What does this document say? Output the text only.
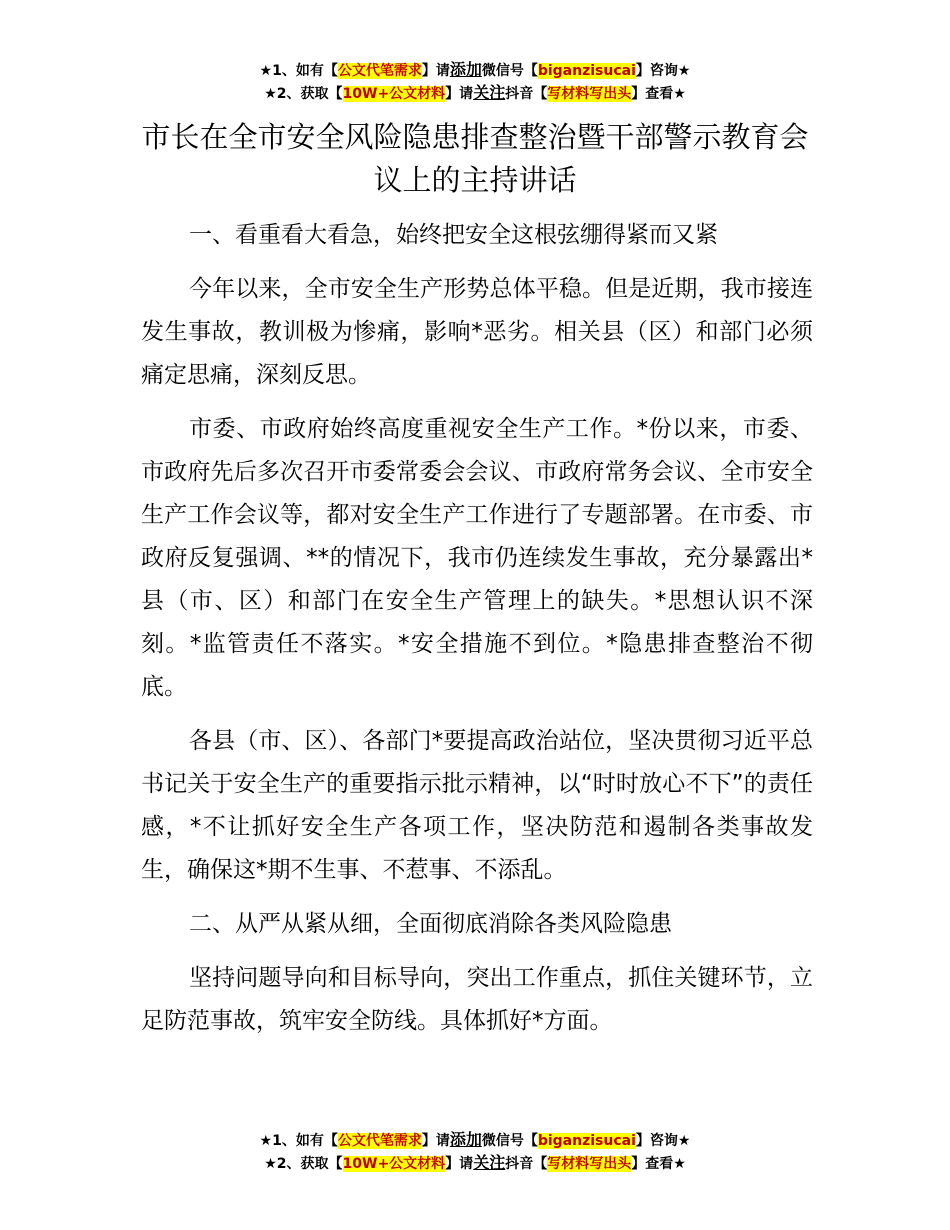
★1、如有【公文代笔需求】请添加微信号【biganzisucai】咨询★
★2、获取【10W+公文材料】请关注抖音【写材料写出头】查看★
市长在全市安全风险隐患排查整治暨干部警示教育会议上的主持讲话

一、看重看大看急，始终把安全这根弦绷得紧而又紧

今年以来，全市安全生产形势总体平稳。但是近期，我市接连发生事故，教训极为惨痛，影响*恶劣。相关县（区）和部门必须痛定思痛，深刻反思。

市委、市政府始终高度重视安全生产工作。*份以来，市委、市政府先后多次召开市委常委会会议、市政府常务会议、全市安全生产工作会议等，都对安全生产工作进行了专题部署。在市委、市政府反复强调、**的情况下，我市仍连续发生事故，充分暴露出*县（市、区）和部门在安全生产管理上的缺失。*思想认识不深刻。*监管责任不落实。*安全措施不到位。*隐患排查整治不彻底。

各县（市、区）、各部门*要提高政治站位，坚决贯彻习近平总书记关于安全生产的重要指示批示精神，以“时时放心不下”的责任感，*不让抓好安全生产各项工作，坚决防范和遏制各类事故发生，确保这*期不生事、不惹事、不添乱。

二、从严从紧从细，全面彻底消除各类风险隐患

坚持问题导向和目标导向，突出工作重点，抓住关键环节，立足防范事故，筑牢安全防线。具体抓好*方面。

★1、如有【公文代笔需求】请添加微信号【biganzisucai】咨询★
★2、获取【10W+公文材料】请关注抖音【写材料写出头】查看★
